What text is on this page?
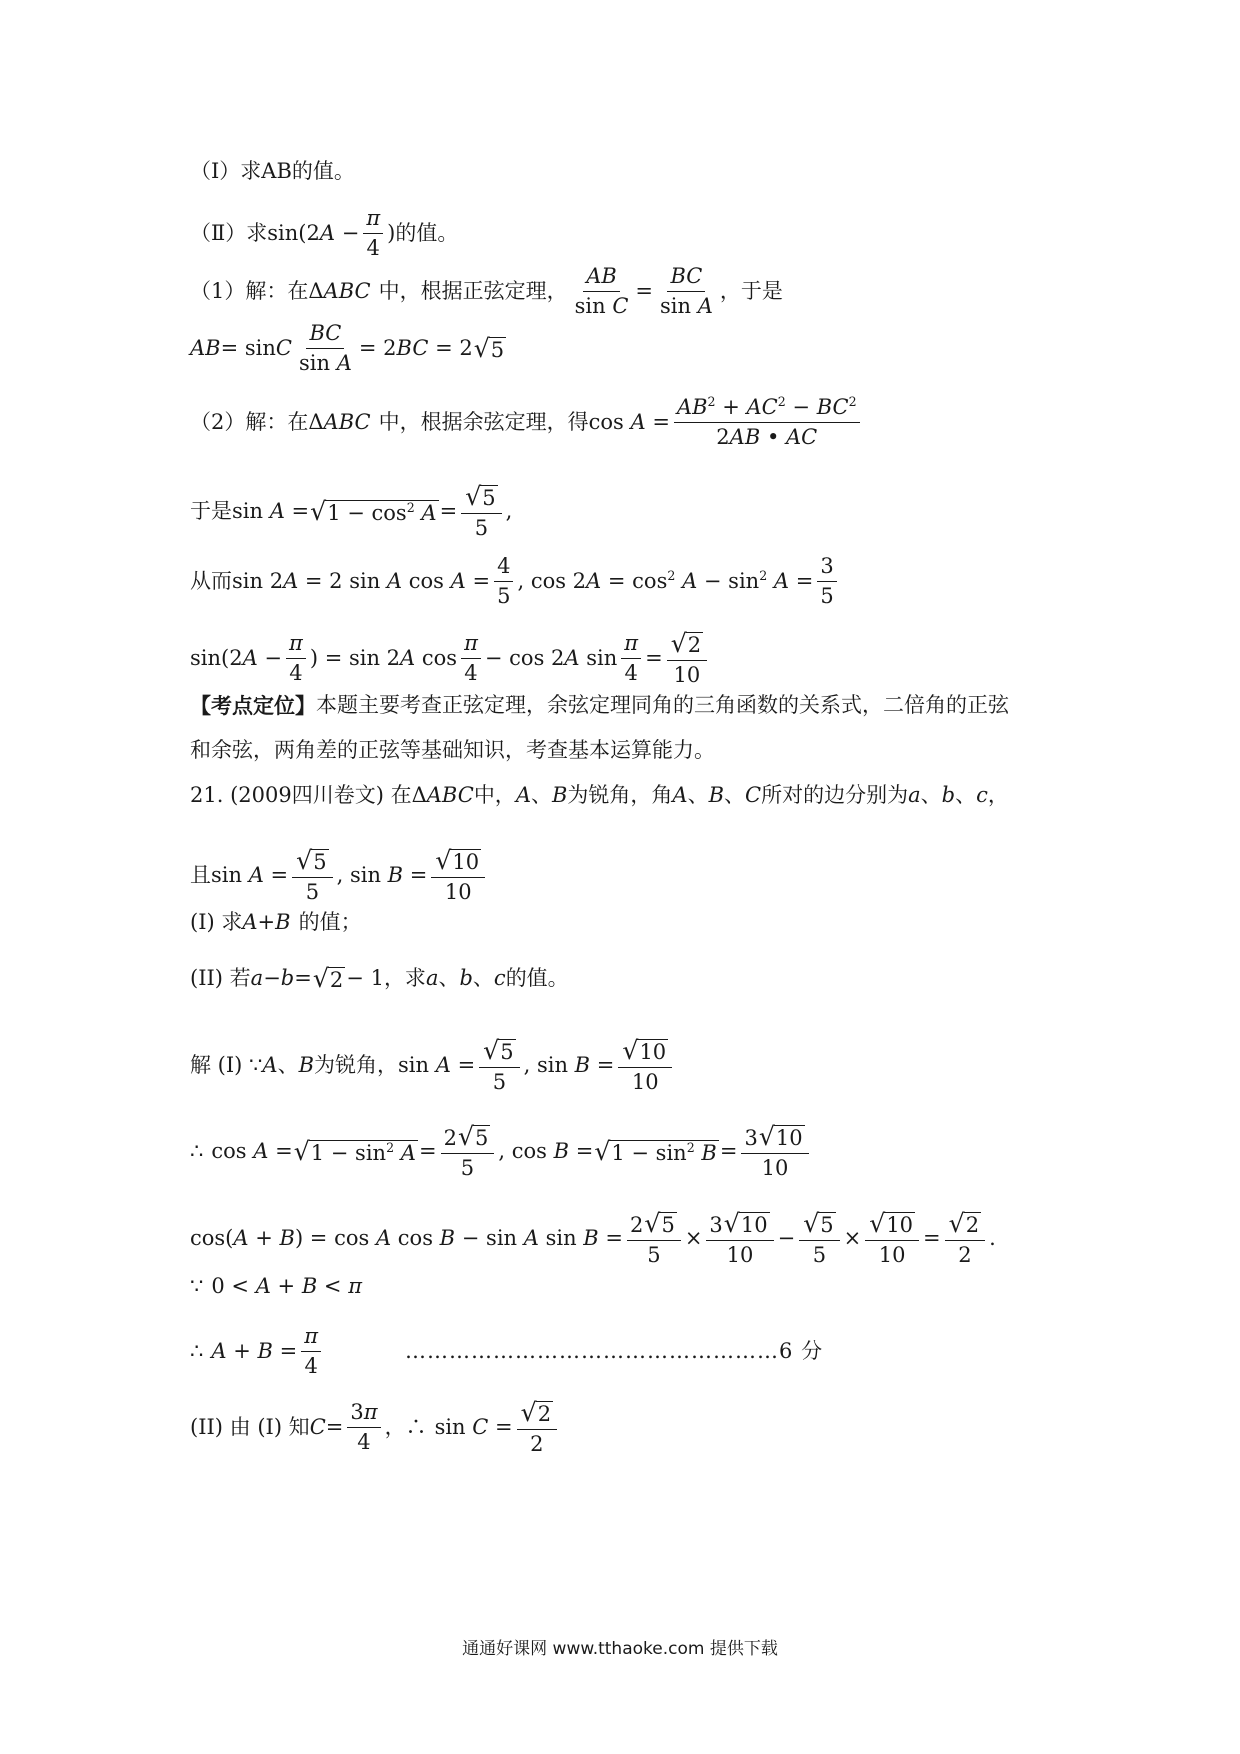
（Ⅰ）求AB的值。
（Ⅱ）求 $\sin(2A - \frac{\pi}{4}$ ) 的值。
（1）解：在 ΔABC 中，根据正弦定理， $\frac{AB}{\text{sin C}} = \frac{BC}{\text{sin A}}$ ，于是
AB = sin C $\frac{BC}{\text{sin A}} = 2BC = 2$ √ 5
（2）解：在 ΔABC 中，根据余弦定理，得 $\cos A = \frac{AB^2 + AC^2 - BC^2}{2AB • AC}$
于是 sin A = √ $1 - \cos^2 A = \frac{√ 5}{5}$ ,
从而 sin 2A = 2 sin A $\cos A = \frac{4}{5}$ , $\cos 2A = \cos^2 A - \sin^2 A = \frac{3}{5}$
$\sin(2A - \frac{\pi}{4}$ ) = sin 2A $\cos \frac{\pi}{4} - \cos 2A$ $\sin \frac{\pi}{4} = \frac{√ 2}{10}$
【考点定位】 本题主要考查正弦定理，余弦定理同角的三角函数的关系式，二倍角的正弦
和余弦，两角差的正弦等基础知识，考查基本运算能力。
21. (2009四川卷文) 在 ΔABC 中， A 、 B 为锐角，角 A 、 B 、 C 所对的边分别为 a 、 b 、 c ，
且 $\sin A = \frac{√ 5}{5}$ , $\sin B = \frac{√ 10}{10}$
(I) 求 A + B 的值；
(II) 若 a − b = √ 2 − 1 ，求 a 、 b 、 c 的值。
解 (I) ∵ A 、 B 为锐角， $\sin A = \frac{√ 5}{5}$ , $\sin B = \frac{√ 10}{10}$
∴ cos A = √ $1 - \sin^2 A = \frac{2 √ 5}{5}$ , cos B = √ $1 - \sin^2 B = \frac{3 √ 10}{10}$
cos(A + B) = cos A cos B − sin A $\sin B = \frac{2 √ 5}{5} \times \frac{3 √ 10}{10} - \frac{√ 5}{5} \times \frac{√ 10}{10} = \frac{√ 2}{2}$ .
∵ 0 < A + B < π
∴ $A + B = \frac{\pi}{4}$	……………………………………………6 分
(II) 由 (I) 知 $C = \frac{3\pi}{4}$ ，∴ $\sin C = \frac{√ 2}{2}$
通通好课网 www.tthaoke.com 提供下载
